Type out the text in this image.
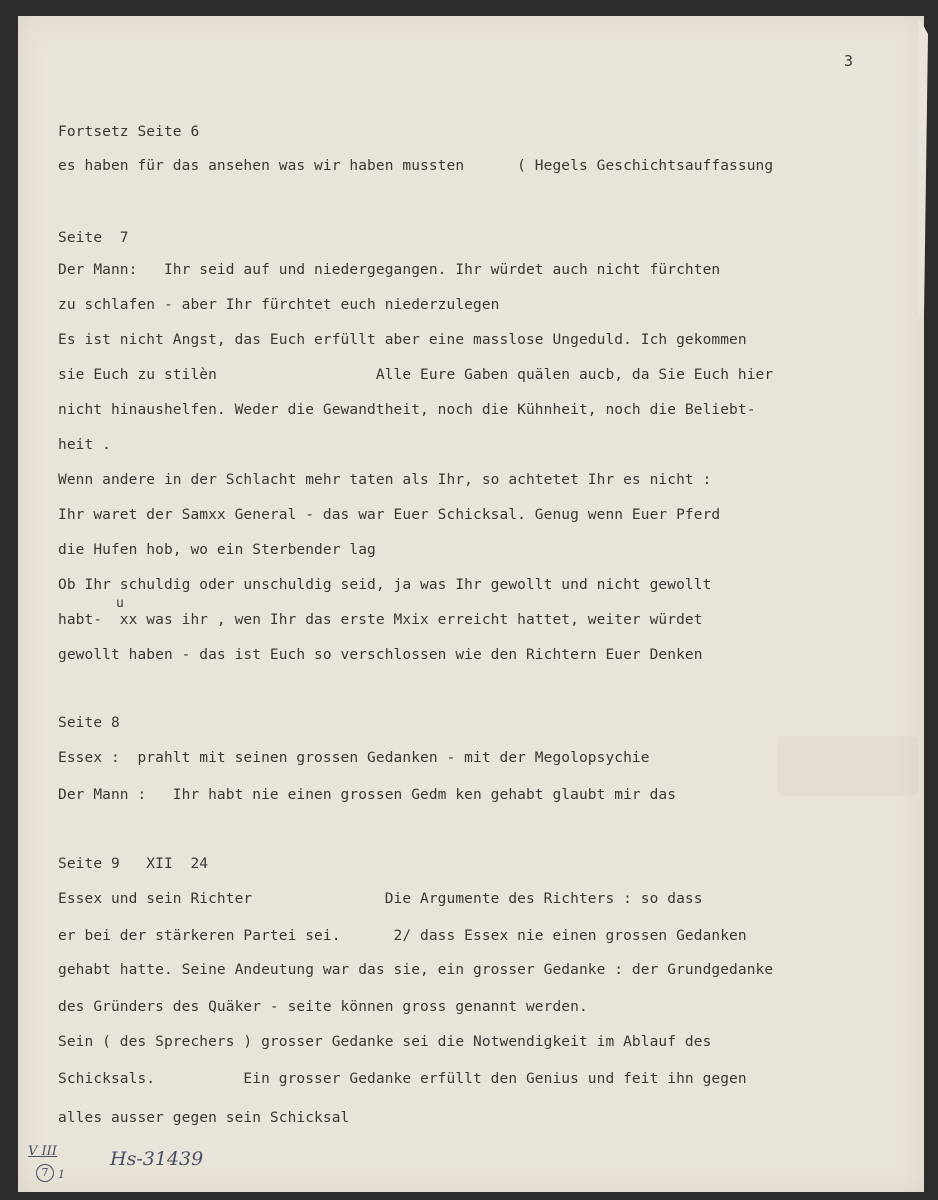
3
Fortsetz Seite 6
es haben für das ansehen was wir haben mussten      ( Hegels Geschichtsauffassung
Seite  7
Der Mann:   Ihr seid auf und niedergegangen. Ihr würdet auch nicht fürchten
zu schlafen - aber Ihr fürchtet euch niederzulegen
Es ist nicht Angst, das Euch erfüllt aber eine masslose Ungeduld. Ich gekommen
sie Euch zu stilèn                  Alle Eure Gaben quälen aucb, da Sie Euch hier
nicht hinaushelfen. Weder die Gewandtheit, noch die Kühnheit, noch die Beliebt-
heit .
Wenn andere in der Schlacht mehr taten als Ihr, so achtetet Ihr es nicht :
Ihr waret der Samxx General - das war Euer Schicksal. Genug wenn Euer Pferd
die Hufen hob, wo ein Sterbender lag
Ob Ihr schuldig oder unschuldig seid, ja was Ihr gewollt und nicht gewollt
u
habt-  xx was ihr , wen Ihr das erste Mxix erreicht hattet, weiter würdet
gewollt haben - das ist Euch so verschlossen wie den Richtern Euer Denken
Seite 8
Essex :  prahlt mit seinen grossen Gedanken - mit der Megolopsychie
Der Mann :   Ihr habt nie einen grossen Gedm ken gehabt glaubt mir das
Seite 9   XII  24
Essex und sein Richter               Die Argumente des Richters : so dass
er bei der stärkeren Partei sei.      2/ dass Essex nie einen grossen Gedanken
gehabt hatte. Seine Andeutung war das sie, ein grosser Gedanke : der Grundgedanke
des Gründers des Quäker - seite können gross genannt werden.
Sein ( des Sprechers ) grosser Gedanke sei die Notwendigkeit im Ablauf des
Schicksals.          Ein grosser Gedanke erfüllt den Genius und feit ihn gegen
alles ausser gegen sein Schicksal
V III
7 1
Hs-31439
